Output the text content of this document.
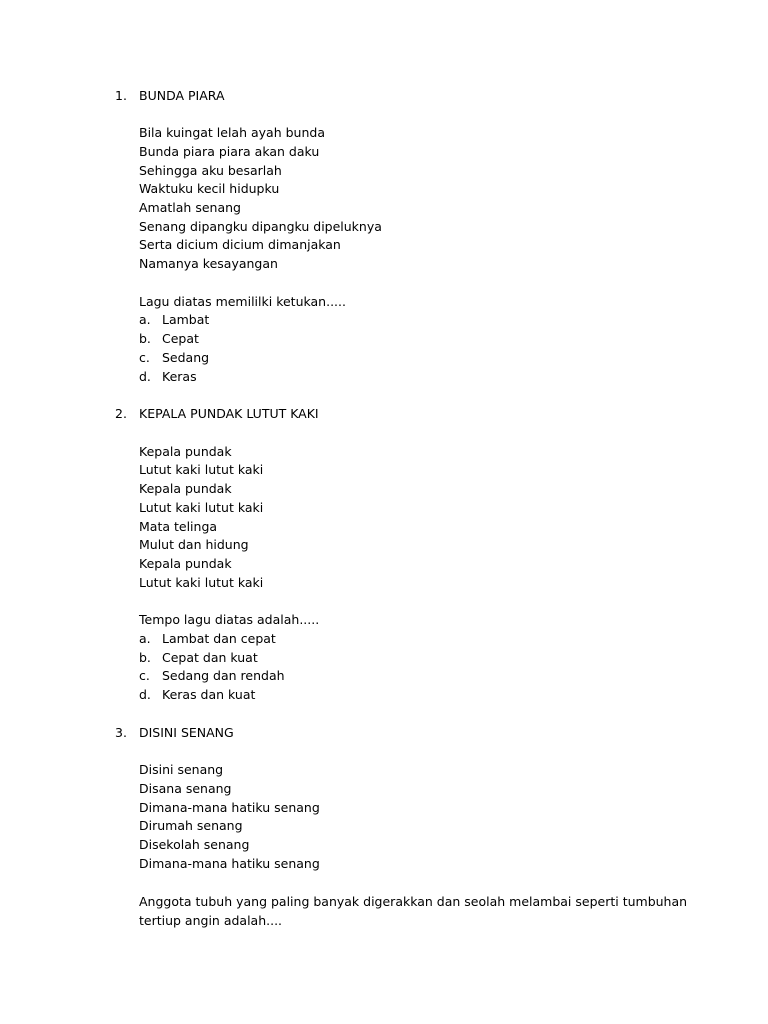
1. BUNDA PIARA
Bila kuingat lelah ayah bunda
Bunda piara piara akan daku
Sehingga aku besarlah
Waktuku kecil hidupku
Amatlah senang
Senang dipangku dipangku dipeluknya
Serta dicium dicium dimanjakan
Namanya kesayangan
Lagu diatas memililki ketukan.....
a. Lambat
b. Cepat
c. Sedang
d. Keras
2. KEPALA PUNDAK LUTUT KAKI
Kepala pundak
Lutut kaki lutut kaki
Kepala pundak
Lutut kaki lutut kaki
Mata telinga
Mulut dan hidung
Kepala pundak
Lutut kaki lutut kaki
Tempo lagu diatas adalah.....
a. Lambat dan cepat
b. Cepat dan kuat
c. Sedang dan rendah
d. Keras dan kuat
3. DISINI SENANG
Disini senang
Disana senang
Dimana-mana hatiku senang
Dirumah senang
Disekolah senang
Dimana-mana hatiku senang
Anggota tubuh yang paling banyak digerakkan dan seolah melambai seperti tumbuhan
tertiup angin adalah....
